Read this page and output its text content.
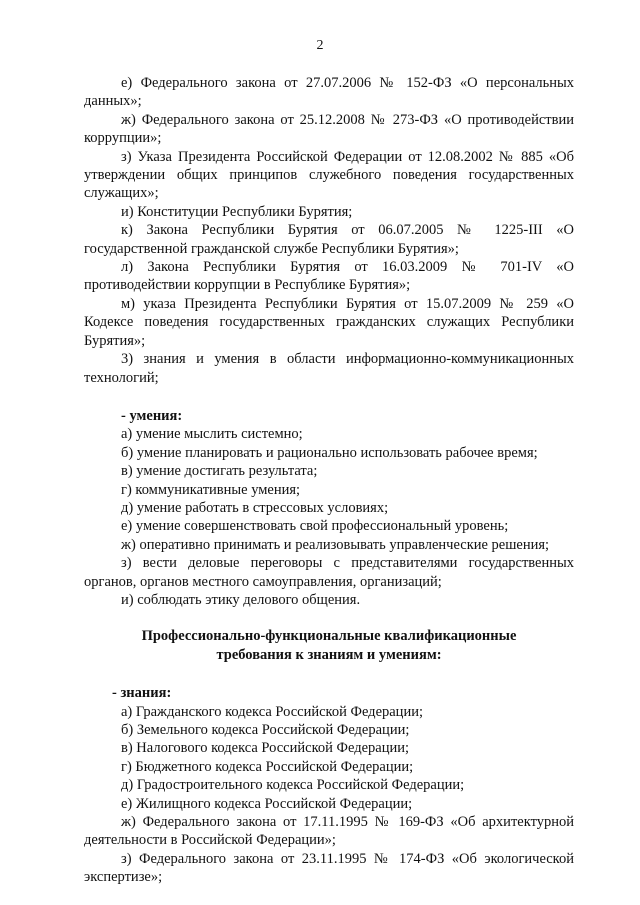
2

е) Федерального закона от 27.07.2006 № 152-ФЗ «О персональных данных»;

ж) Федерального закона от 25.12.2008 № 273-ФЗ «О противодействии коррупции»;

з) Указа Президента Российской Федерации от 12.08.2002 № 885 «Об утверждении общих принципов служебного поведения государственных служащих»;

и) Конституции Республики Бурятия;

к) Закона Республики Бурятия от 06.07.2005 № 1225-III «О государственной гражданской службе Республики Бурятия»;

л) Закона Республики Бурятия от 16.03.2009 № 701-IV «О противодействии коррупции в Республике Бурятия»;

м) указа Президента Республики Бурятия от 15.07.2009 № 259 «О Кодексе поведения государственных гражданских служащих Республики Бурятия»;

3) знания и умения в области информационно-коммуникационных технологий;

- умения:

а) умение мыслить системно;

б) умение планировать и рационально использовать рабочее время;

в) умение достигать результата;

г) коммуникативные умения;

д) умение работать в стрессовых условиях;

е) умение совершенствовать свой профессиональный уровень;

ж) оперативно принимать и реализовывать управленческие решения;

з) вести деловые переговоры с представителями государственных органов, органов местного самоуправления, организаций;

и) соблюдать этику делового общения.

Профессионально-функциональные квалификационные

требования к знаниям и умениям:

- знания:

а) Гражданского кодекса Российской Федерации;

б) Земельного кодекса Российской Федерации;

в) Налогового кодекса Российской Федерации;

г) Бюджетного кодекса Российской Федерации;

д) Градостроительного кодекса Российской Федерации;

е) Жилищного кодекса Российской Федерации;

ж) Федерального закона от 17.11.1995 № 169-ФЗ «Об архитектурной деятельности в Российской Федерации»;

з) Федерального закона от 23.11.1995 № 174-ФЗ «Об экологической экспертизе»;
